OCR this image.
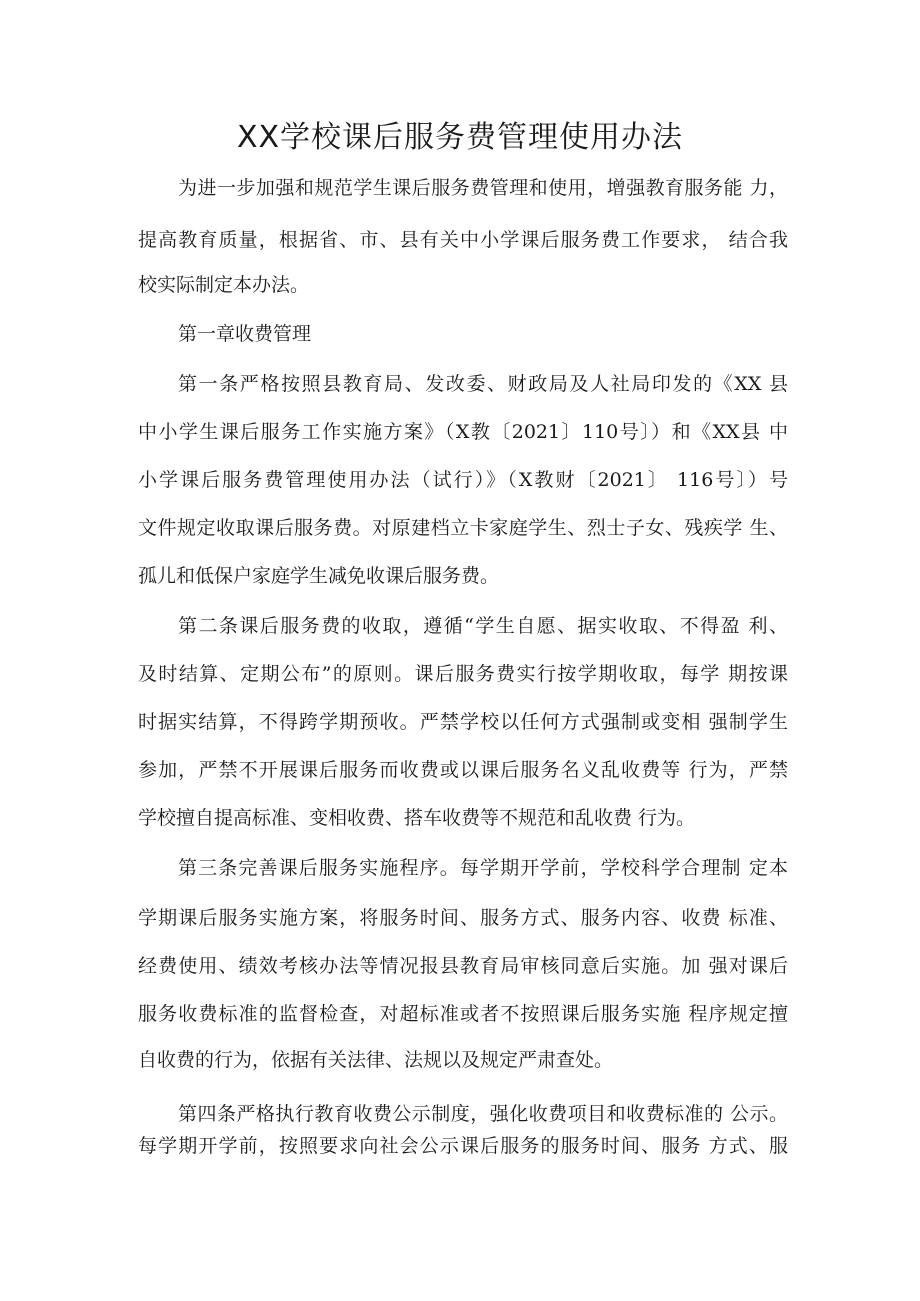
XX学校课后服务费管理使用办法
为进一步加强和规范学生课后服务费管理和使用，增强教育服务能 力，
提高教育质量，根据省、市、县有关中小学课后服务费工作要求， 结合我
校实际制定本办法。
第一章收费管理
第一条严格按照县教育局、发改委、财政局及人社局印发的《XX 县
中小学生课后服务工作实施方案》（X教〔2021〕110号〕）和《XX县 中
小学课后服务费管理使用办法（试行）》（X教财〔2021〕 116号〕）号
文件规定收取课后服务费。对原建档立卡家庭学生、烈士子女、残疾学 生、
孤儿和低保户家庭学生减免收课后服务费。
第二条课后服务费的收取，遵循“学生自愿、据实收取、不得盈 利、
及时结算、定期公布”的原则。课后服务费实行按学期收取，每学 期按课
时据实结算，不得跨学期预收。严禁学校以任何方式强制或变相 强制学生
参加，严禁不开展课后服务而收费或以课后服务名义乱收费等 行为，严禁
学校擅自提高标准、变相收费、搭车收费等不规范和乱收费 行为。
第三条完善课后服务实施程序。每学期开学前，学校科学合理制 定本
学期课后服务实施方案，将服务时间、服务方式、服务内容、收费 标准、
经费使用、绩效考核办法等情况报县教育局审核同意后实施。加 强对课后
服务收费标准的监督检查，对超标准或者不按照课后服务实施 程序规定擅
自收费的行为，依据有关法律、法规以及规定严肃查处。
第四条严格执行教育收费公示制度，强化收费项目和收费标准的 公示。
每学期开学前，按照要求向社会公示课后服务的服务时间、服务 方式、服
